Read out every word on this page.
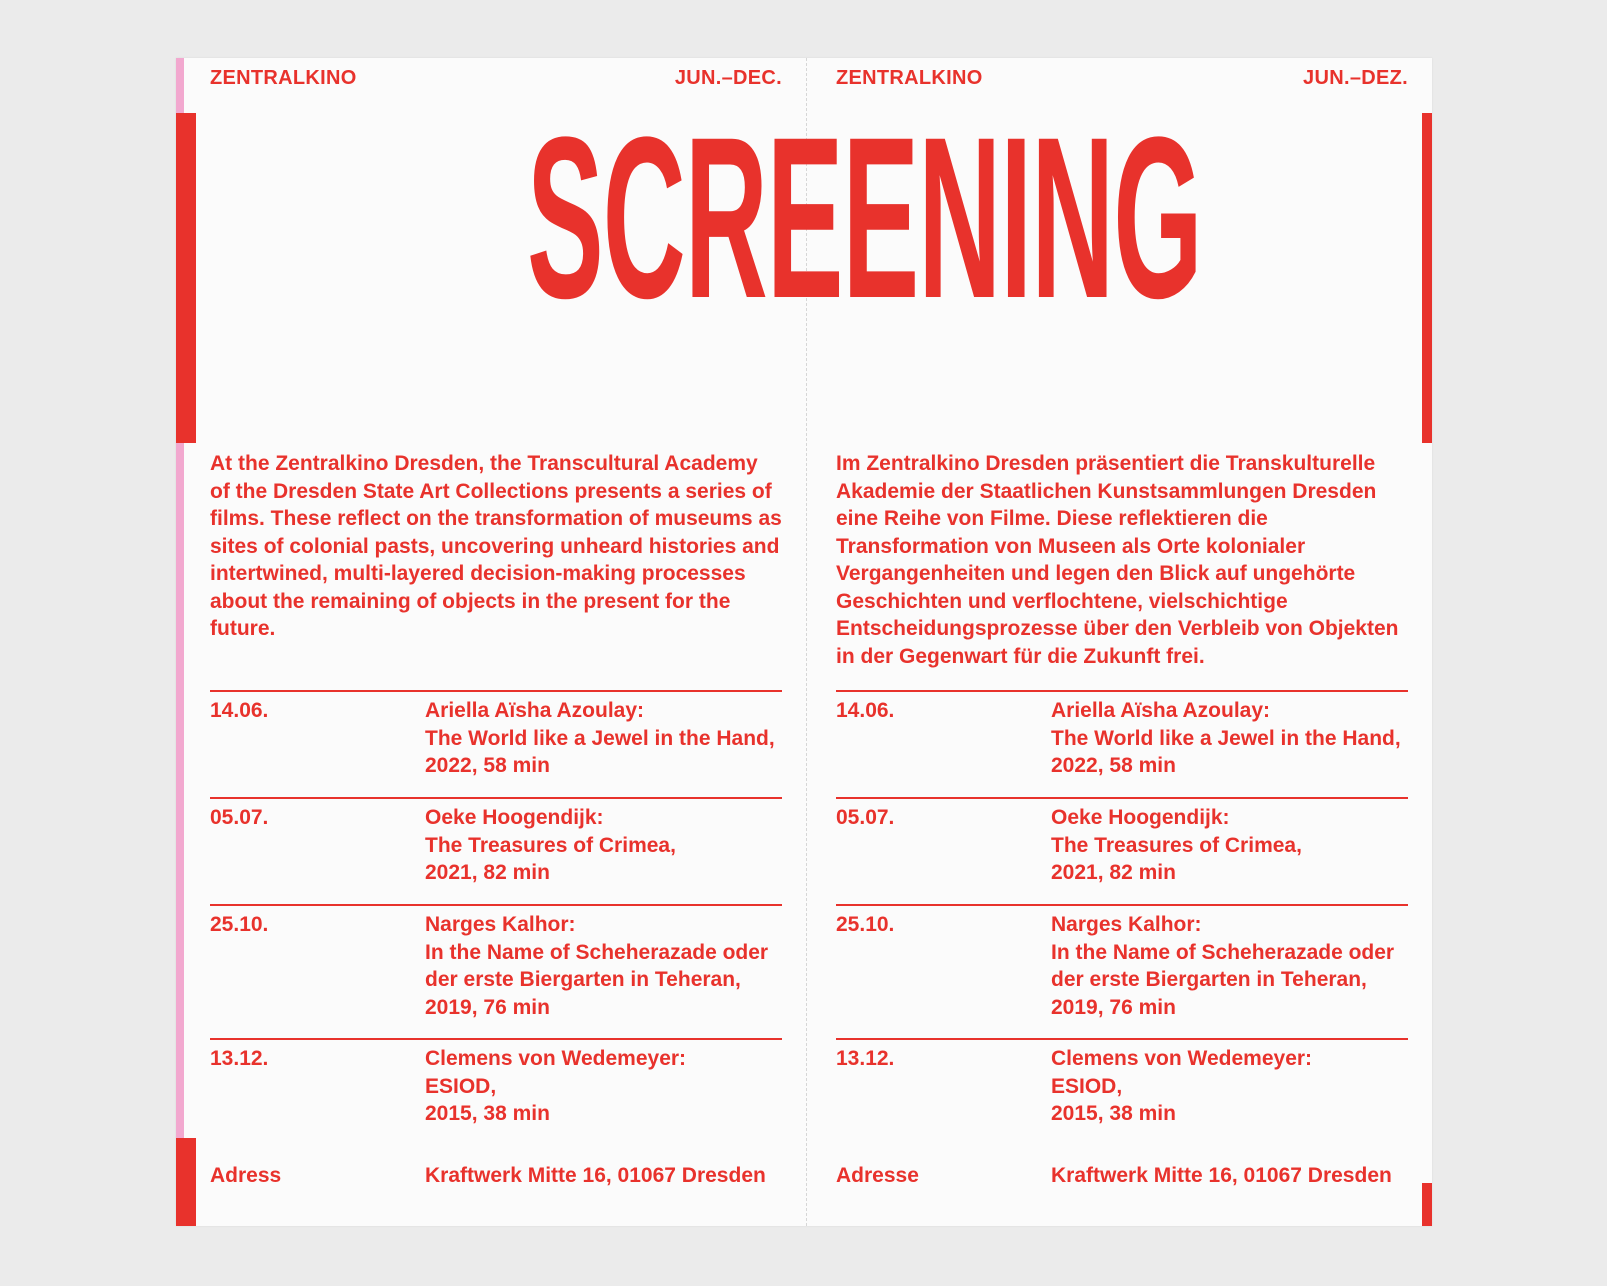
SCREENING
ZENTRALKINO	JUN.–DEC.

At the Zentralkino Dresden, the Transcultural Academy of the Dresden State Art Collections presents a series of films. These reflect on the transformation of museums as sites of colonial pasts, uncovering unheard histories and intertwined, multi-layered decision-making processes about the remaining of objects in the present for the future.

14.06.	Ariella Aïsha Azoulay:
The World like a Jewel in the Hand,
2022, 58 min
05.07.	Oeke Hoogendijk:
The Treasures of Crimea,
2021, 82 min
25.10.	Narges Kalhor:
In the Name of Scheherazade oder der erste Biergarten in Teheran,
2019, 76 min
13.12.	Clemens von Wedemeyer:
ESIOD,
2015, 38 min
Adress	Kraftwerk Mitte 16, 01067 Dresden
ZENTRALKINO	JUN.–DEZ.

Im Zentralkino Dresden präsentiert die Transkulturelle Akademie der Staatlichen Kunstsammlungen Dresden eine Reihe von Filme. Diese reflektieren die Transformation von Museen als Orte kolonialer Vergangenheiten und legen den Blick auf ungehörte Geschichten und verflochtene, vielschichtige Entscheidungsprozesse über den Verbleib von Objekten in der Gegenwart für die Zukunft frei.

14.06.	Ariella Aïsha Azoulay:
The World like a Jewel in the Hand,
2022, 58 min
05.07.	Oeke Hoogendijk:
The Treasures of Crimea,
2021, 82 min
25.10.	Narges Kalhor:
In the Name of Scheherazade oder der erste Biergarten in Teheran,
2019, 76 min
13.12.	Clemens von Wedemeyer:
ESIOD,
2015, 38 min
Adresse	Kraftwerk Mitte 16, 01067 Dresden
